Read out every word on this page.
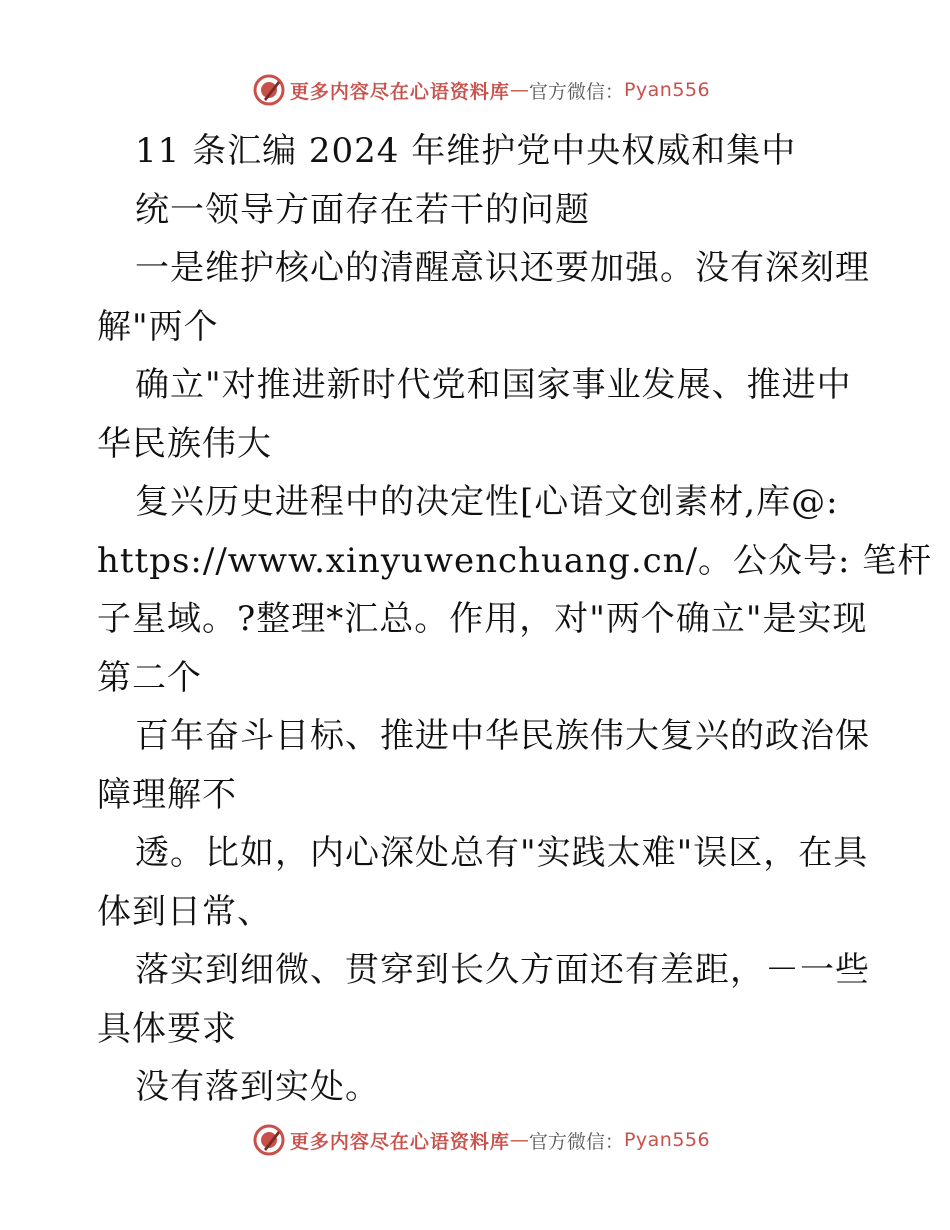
更多内容尽在心语资料库 — 官方微信： Pyan556

11 条汇编 2024 年维护党中央权威和集中

统一领导方面存在若干的问题

一是维护核心的清醒意识还要加强。没有深刻理

解"两个

确立"对推进新时代党和国家事业发展、推进中

华民族伟大

复兴历史进程中的决定性[心语文创素材,库@:

https://www.xinyuwenchuang.cn/。公众号: 笔杆

子星域。?整理*汇总。作用，对"两个确立"是实现

第二个

百年奋斗目标、推进中华民族伟大复兴的政治保

障理解不

透。比如，内心深处总有"实践太难"误区，在具

体到日常、

落实到细微、贯穿到长久方面还有差距，－一些

具体要求

没有落到实处。

更多内容尽在心语资料库 — 官方微信： Pyan556
